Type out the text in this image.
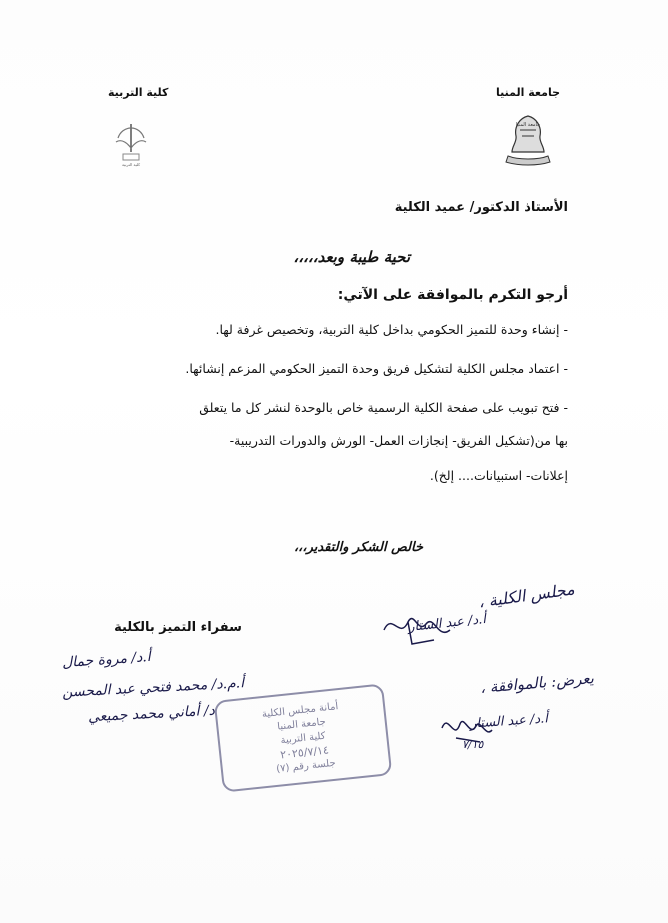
جامعة المنيا
كلية التربية
جامعة المنيا
كلية التربية
الأستاذ الدكتور/ عميد الكلية
تحية طيبة وبعد،،،،،
أرجو التكرم بالموافقة على الآتي:
- إنشاء وحدة للتميز الحكومي بداخل كلية التربية، وتخصيص غرفة لها.
- اعتماد مجلس الكلية لتشكيل فريق وحدة التميز الحكومي المزعم إنشائها.
- فتح تبويب على صفحة الكلية الرسمية خاص بالوحدة لنشر كل ما يتعلق
بها من(تشكيل الفريق- إنجازات العمل- الورش والدورات التدريبية-
إعلانات- استبيانات.... إلخ).
خالص الشكر والتقدير،،،
سفراء التميز بالكلية
أ.د/ مروة جمال
أ.م.د/ محمد فتحي عبد المحسن
د/ أماني محمد جميعي
مجلس الكلية ،
أ.د/ عبد الستار
يعرض: بالموافقة ،
أ.د/ عبد الستار
٧/١٥
أمانة مجلس الكلية
جامعة المنيا
كلية التربية
٢٠٢٥/٧/١٤
جلسة رقم (٧)
